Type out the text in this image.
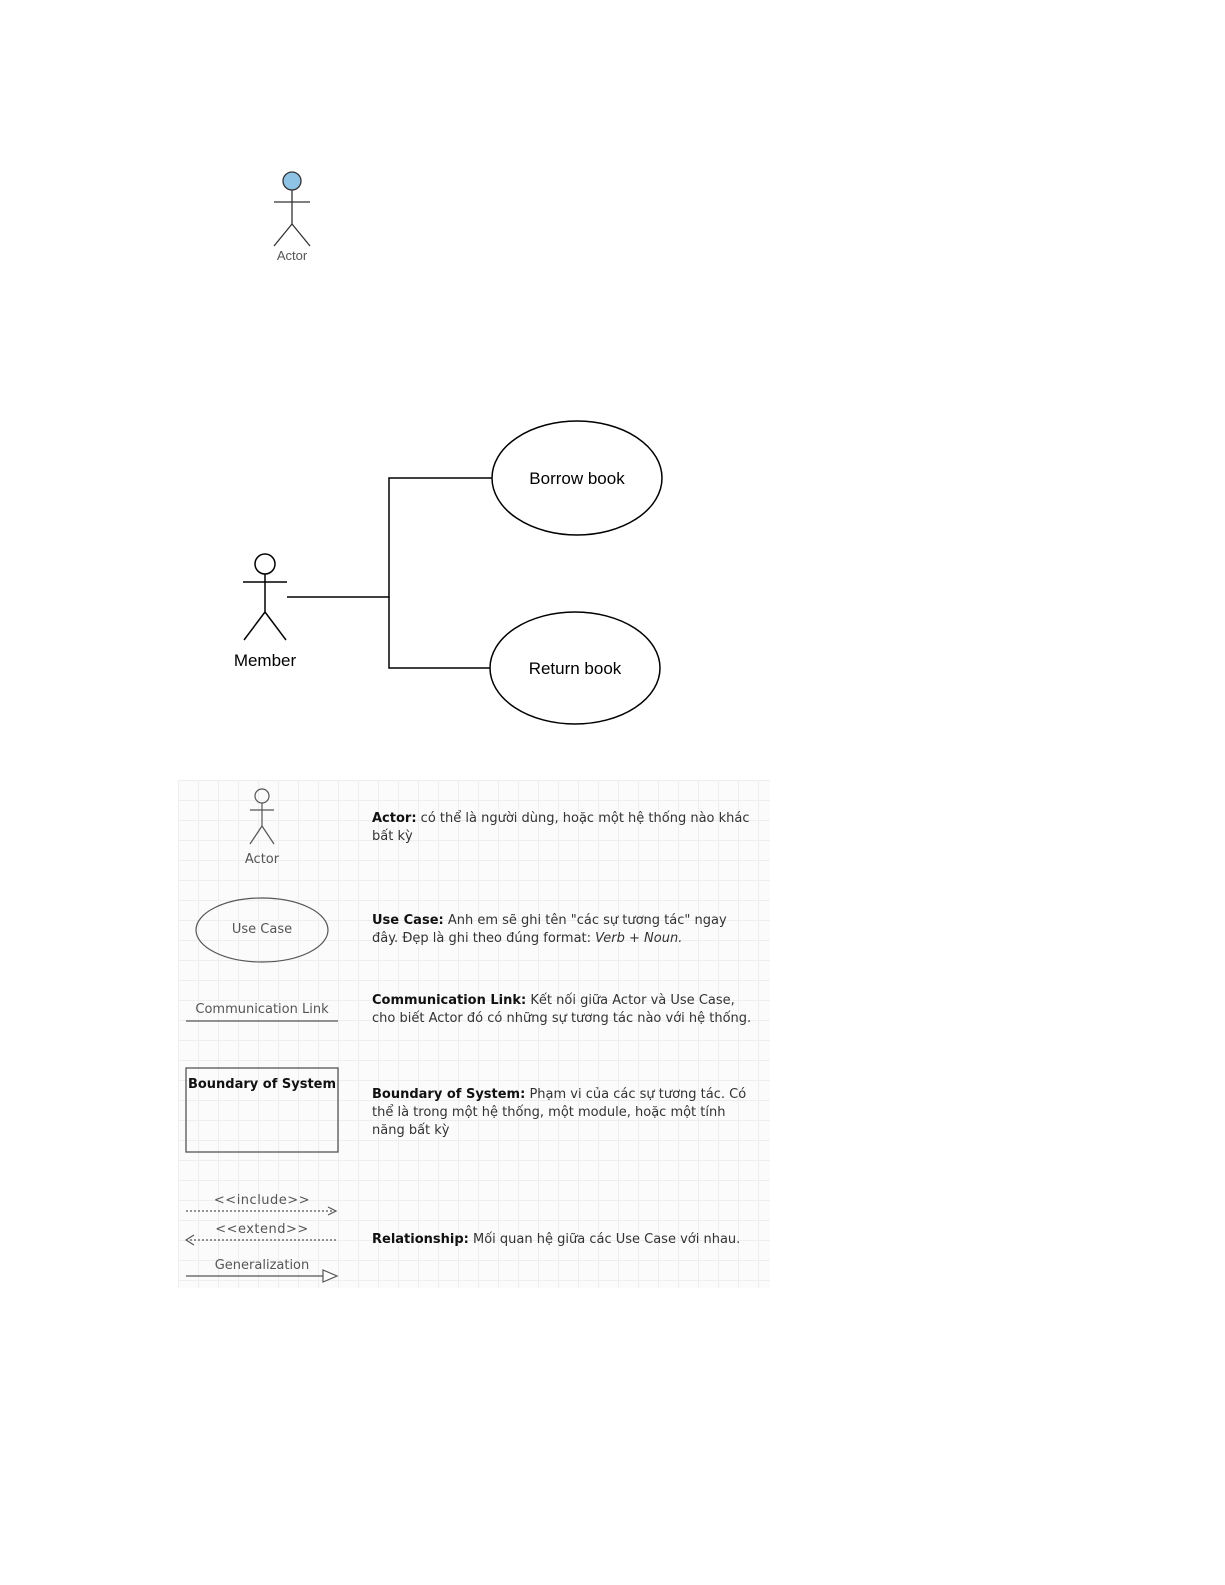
Actor
Member
Borrow book
Return book
Actor
Use Case
Communication Link
Boundary of System
<<include>>
<<extend>>
Generalization
Actor: có thể là người dùng, hoặc một hệ thống nào khác bất kỳ
Use Case: Anh em sẽ ghi tên "các sự tương tác" ngay đây. Đẹp là ghi theo đúng format: Verb + Noun.
Communication Link: Kết nối giữa Actor và Use Case, cho biết Actor đó có những sự tương tác nào với hệ thống.
Boundary of System: Phạm vi của các sự tương tác. Có thể là trong một hệ thống, một module, hoặc một tính năng bất kỳ
Relationship: Mối quan hệ giữa các Use Case với nhau.
